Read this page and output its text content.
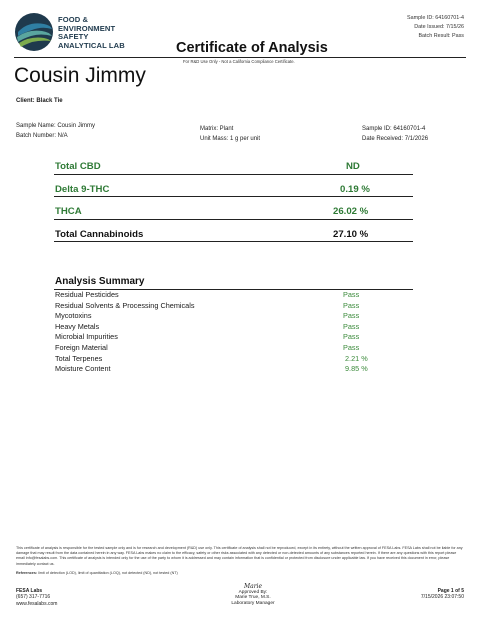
FOOD &
ENVIRONMENT
SAFETY
ANALYTICAL LAB
Sample ID: 64160701-4
Date Issued: 7/15/26
Batch Result: Pass
Certificate of Analysis
For R&D Use Only - Not a California Compliance Certificate.
Cousin Jimmy
Client: Black Tie
Sample Name: Cousin Jimmy
Batch Number: N/A
Matrix: Plant
Unit Mass: 1 g per unit
Sample ID: 64160701-4
Date Received: 7/1/2026
Total CBD	ND
Delta 9-THC	0.19 %
THCA	26.02 %
Total Cannabinoids	27.10 %
Analysis Summary
Residual Pesticides	Pass
Residual Solvents & Processing Chemicals	Pass
Mycotoxins	Pass
Heavy Metals	Pass
Microbial Impurities	Pass
Foreign Material	Pass
Total Terpenes	2.21 %
Moisture Content	9.85 %
This certificate of analysis is responsible for the tested sample only and is for research and development (R&D) use only. This certificate of analysis shall not be reproduced, except in its entirety, without the written approval of FESA Labs. FESA Labs shall not be liable for any damage that may result from the data contained herein in any way. FESA Labs makes no claim to the efficacy, safety or other risks associated with any detected or non-detected amounts of any substances reported herein. If there are any questions with this report please email info@fesalabs.com. This certificate of analysis is intended only for the use of the party to whom it is addressed and may contain information that is confidential or protected from disclosure under applicable law. If you have received this document in error, please immediately contact us.
References: limit of detection (LOD), limit of quantitation (LOQ), not detected (ND), not tested (NT)
FESA Labs
(657) 317-7716
www.fesalabs.com
Marie
Approved By:
Marie True, M.S.
Laboratory Manager
Page 1 of 5
7/15/2026 23:07:50
